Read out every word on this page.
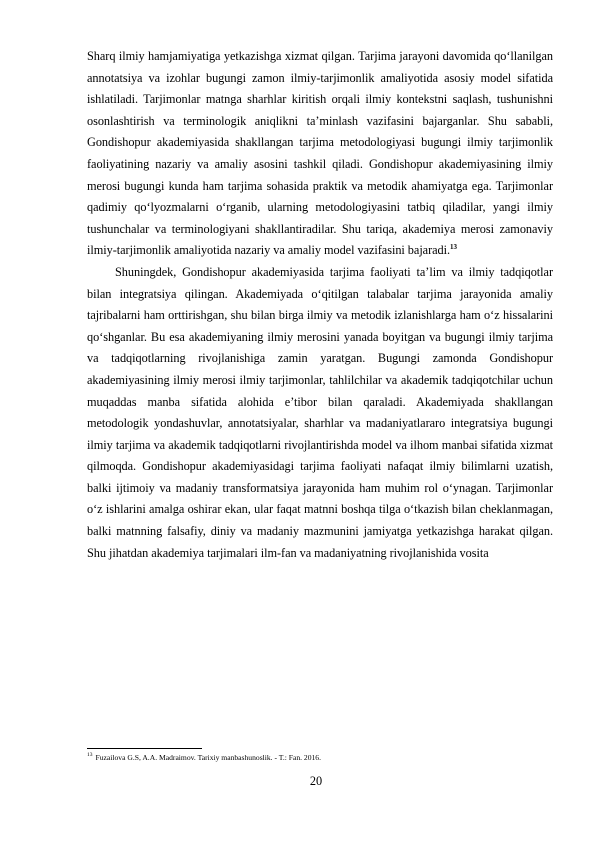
Sharq ilmiy hamjamiyatiga yetkazishga xizmat qilgan. Tarjima jarayoni davomida qo‘llanilgan annotatsiya va izohlar bugungi zamon ilmiy-tarjimonlik amaliyotida asosiy model sifatida ishlatiladi. Tarjimonlar matnga sharhlar kiritish orqali ilmiy kontekstni saqlash, tushunishni osonlashtirish va terminologik aniqlikni ta’minlash vazifasini bajarganlar. Shu sababli, Gondishopur akademiyasida shakllangan tarjima metodologiyasi bugungi ilmiy tarjimonlik faoliyatining nazariy va amaliy asosini tashkil qiladi. Gondishopur akademiyasining ilmiy merosi bugungi kunda ham tarjima sohasida praktik va metodik ahamiyatga ega. Tarjimonlar qadimiy qo‘lyozmalarni o‘rganib, ularning metodologiyasini tatbiq qiladilar, yangi ilmiy tushunchalar va terminologiyani shakllantiradilar. Shu tariqa, akademiya merosi zamonaviy ilmiy-tarjimonlik amaliyotida nazariy va amaliy model vazifasini bajaradi.$^{13}$

Shuningdek, Gondishopur akademiyasida tarjima faoliyati ta’lim va ilmiy tadqiqotlar bilan integratsiya qilingan. Akademiyada o‘qitilgan talabalar tarjima jarayonida amaliy tajribalarni ham orttirishgan, shu bilan birga ilmiy va metodik izlanishlarga ham o‘z hissalarini qo‘shganlar. Bu esa akademiyaning ilmiy merosini yanada boyitgan va bugungi ilmiy tarjima va tadqiqotlarning rivojlanishiga zamin yaratgan. Bugungi zamonda Gondishopur akademiyasining ilmiy merosi ilmiy tarjimonlar, tahlilchilar va akademik tadqiqotchilar uchun muqaddas manba sifatida alohida e’tibor bilan qaraladi. Akademiyada shakllangan metodologik yondashuvlar, annotatsiyalar, sharhlar va madaniyatlararo integratsiya bugungi ilmiy tarjima va akademik tadqiqotlarni rivojlantirishda model va ilhom manbai sifatida xizmat qilmoqda. Gondishopur akademiyasidagi tarjima faoliyati nafaqat ilmiy bilimlarni uzatish, balki ijtimoiy va madaniy transformatsiya jarayonida ham muhim rol o‘ynagan. Tarjimonlar o‘z ishlarini amalga oshirar ekan, ular faqat matnni boshqa tilga o‘tkazish bilan cheklanmagan, balki matnning falsafiy, diniy va madaniy mazmunini jamiyatga yetkazishga harakat qilgan. Shu jihatdan akademiya tarjimalari ilm-fan va madaniyatning rivojlanishida vosita

$^{13}$ Fuzailova G.S, A.A. Madraimov. Tarixiy manbashunoslik. - T.: Fan. 2016.
20
